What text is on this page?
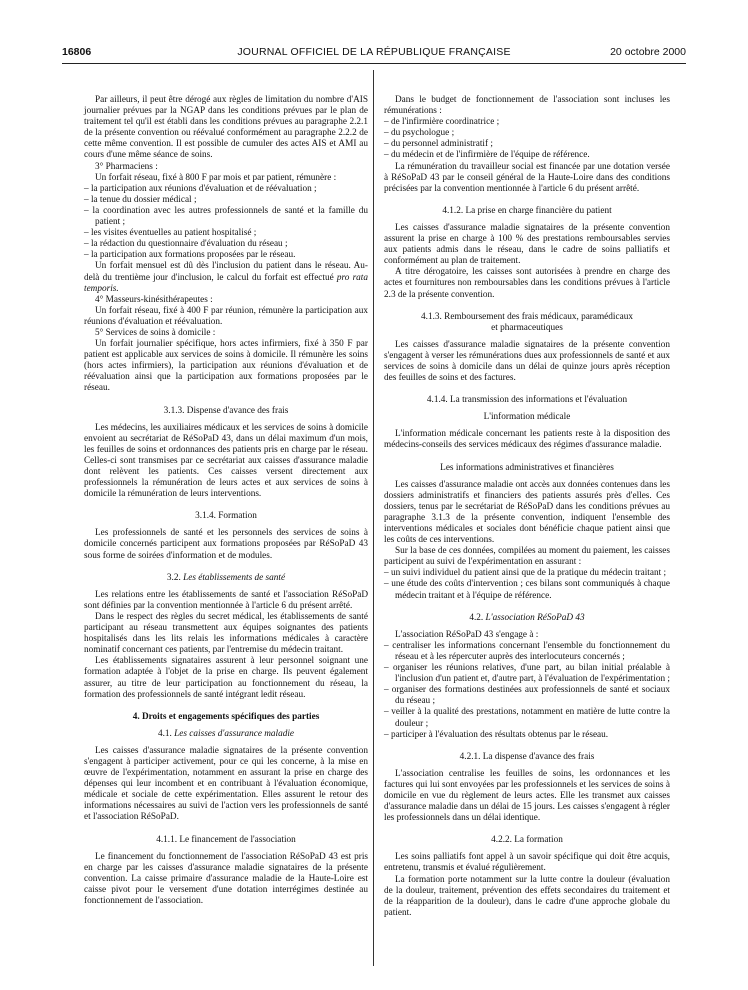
16806	JOURNAL OFFICIEL DE LA RÉPUBLIQUE FRANÇAISE	20 octobre 2000

Par ailleurs, il peut être dérogé aux règles de limitation du nombre d'AIS journalier prévues par la NGAP dans les conditions prévues par le plan de traitement tel qu'il est établi dans les conditions prévues au paragraphe 2.2.1 de la présente convention ou réévalué conformément au paragraphe 2.2.2 de cette même convention. Il est possible de cumuler des actes AIS et AMI au cours d'une même séance de soins.

3° Pharmaciens :

Un forfait réseau, fixé à 800 F par mois et par patient, rémunère :

– la participation aux réunions d'évaluation et de réévaluation ;

– la tenue du dossier médical ;

– la coordination avec les autres professionnels de santé et la famille du patient ;

– les visites éventuelles au patient hospitalisé ;

– la rédaction du questionnaire d'évaluation du réseau ;

– la participation aux formations proposées par le réseau.

Un forfait mensuel est dû dès l'inclusion du patient dans le réseau. Au-delà du trentième jour d'inclusion, le calcul du forfait est effectué pro rata temporis.

4° Masseurs-kinésithérapeutes :

Un forfait réseau, fixé à 400 F par réunion, rémunère la participation aux réunions d'évaluation et réévaluation.

5° Services de soins à domicile :

Un forfait journalier spécifique, hors actes infirmiers, fixé à 350 F par patient est applicable aux services de soins à domicile. Il rémunère les soins (hors actes infirmiers), la participation aux réunions d'évaluation et de réévaluation ainsi que la participation aux formations proposées par le réseau.

3.1.3. Dispense d'avance des frais

Les médecins, les auxiliaires médicaux et les services de soins à domicile envoient au secrétariat de RéSoPaD 43, dans un délai maximum d'un mois, les feuilles de soins et ordonnances des patients pris en charge par le réseau. Celles-ci sont transmises par ce secrétariat aux caisses d'assurance maladie dont relèvent les patients. Ces caisses versent directement aux professionnels la rémunération de leurs actes et aux services de soins à domicile la rémunération de leurs interventions.

3.1.4. Formation

Les professionnels de santé et les personnels des services de soins à domicile concernés participent aux formations proposées par RéSoPaD 43 sous forme de soirées d'information et de modules.

3.2. Les établissements de santé

Les relations entre les établissements de santé et l'association RéSoPaD sont définies par la convention mentionnée à l'article 6 du présent arrêté.

Dans le respect des règles du secret médical, les établissements de santé participant au réseau transmettent aux équipes soignantes des patients hospitalisés dans les lits relais les informations médicales à caractère nominatif concernant ces patients, par l'entremise du médecin traitant.

Les établissements signataires assurent à leur personnel soignant une formation adaptée à l'objet de la prise en charge. Ils peuvent également assurer, au titre de leur participation au fonctionnement du réseau, la formation des professionnels de santé intégrant ledit réseau.

4. Droits et engagements spécifiques des parties
4.1. Les caisses d'assurance maladie

Les caisses d'assurance maladie signataires de la présente convention s'engagent à participer activement, pour ce qui les concerne, à la mise en œuvre de l'expérimentation, notamment en assurant la prise en charge des dépenses qui leur incombent et en contribuant à l'évaluation économique, médicale et sociale de cette expérimentation. Elles assurent le retour des informations nécessaires au suivi de l'action vers les professionnels de santé et l'association RéSoPaD.

4.1.1. Le financement de l'association

Le financement du fonctionnement de l'association RéSoPaD 43 est pris en charge par les caisses d'assurance maladie signataires de la présente convention. La caisse primaire d'assurance maladie de la Haute-Loire est caisse pivot pour le versement d'une dotation interrégimes destinée au fonctionnement de l'association.

Dans le budget de fonctionnement de l'association sont incluses les rémunérations :

– de l'infirmière coordinatrice ;

– du psychologue ;

– du personnel administratif ;

– du médecin et de l'infirmière de l'équipe de référence.

La rémunération du travailleur social est financée par une dotation versée à RéSoPaD 43 par le conseil général de la Haute-Loire dans des conditions précisées par la convention mentionnée à l'article 6 du présent arrêté.

4.1.2. La prise en charge financière du patient

Les caisses d'assurance maladie signataires de la présente convention assurent la prise en charge à 100 % des prestations remboursables servies aux patients admis dans le réseau, dans le cadre de soins palliatifs et conformément au plan de traitement.

A titre dérogatoire, les caisses sont autorisées à prendre en charge des actes et fournitures non remboursables dans les conditions prévues à l'article 2.3 de la présente convention.

4.1.3. Remboursement des frais médicaux, paramédicaux
et pharmaceutiques

Les caisses d'assurance maladie signataires de la présente convention s'engagent à verser les rémunérations dues aux professionnels de santé et aux services de soins à domicile dans un délai de quinze jours après réception des feuilles de soins et des factures.

4.1.4. La transmission des informations et l'évaluation
L'information médicale

L'information médicale concernant les patients reste à la disposition des médecins-conseils des services médicaux des régimes d'assurance maladie.

Les informations administratives et financières

Les caisses d'assurance maladie ont accès aux données contenues dans les dossiers administratifs et financiers des patients assurés près d'elles. Ces dossiers, tenus par le secrétariat de RéSoPaD dans les conditions prévues au paragraphe 3.1.3 de la présente convention, indiquent l'ensemble des interventions médicales et sociales dont bénéficie chaque patient ainsi que les coûts de ces interventions.

Sur la base de ces données, compilées au moment du paiement, les caisses participent au suivi de l'expérimentation en assurant :

– un suivi individuel du patient ainsi que de la pratique du médecin traitant ;

– une étude des coûts d'intervention ; ces bilans sont communiqués à chaque médecin traitant et à l'équipe de référence.

4.2. L'association RéSoPaD 43

L'association RéSoPaD 43 s'engage à :

– centraliser les informations concernant l'ensemble du fonctionnement du réseau et à les répercuter auprès des interlocuteurs concernés ;

– organiser les réunions relatives, d'une part, au bilan initial préalable à l'inclusion d'un patient et, d'autre part, à l'évaluation de l'expérimentation ;

– organiser des formations destinées aux professionnels de santé et sociaux du réseau ;

– veiller à la qualité des prestations, notamment en matière de lutte contre la douleur ;

– participer à l'évaluation des résultats obtenus par le réseau.

4.2.1. La dispense d'avance des frais

L'association centralise les feuilles de soins, les ordonnances et les factures qui lui sont envoyées par les professionnels et les services de soins à domicile en vue du règlement de leurs actes. Elle les transmet aux caisses d'assurance maladie dans un délai de 15 jours. Les caisses s'engagent à régler les professionnels dans un délai identique.

4.2.2. La formation

Les soins palliatifs font appel à un savoir spécifique qui doit être acquis, entretenu, transmis et évalué régulièrement.

La formation porte notamment sur la lutte contre la douleur (évaluation de la douleur, traitement, prévention des effets secondaires du traitement et de la réapparition de la douleur), dans le cadre d'une approche globale du patient.
